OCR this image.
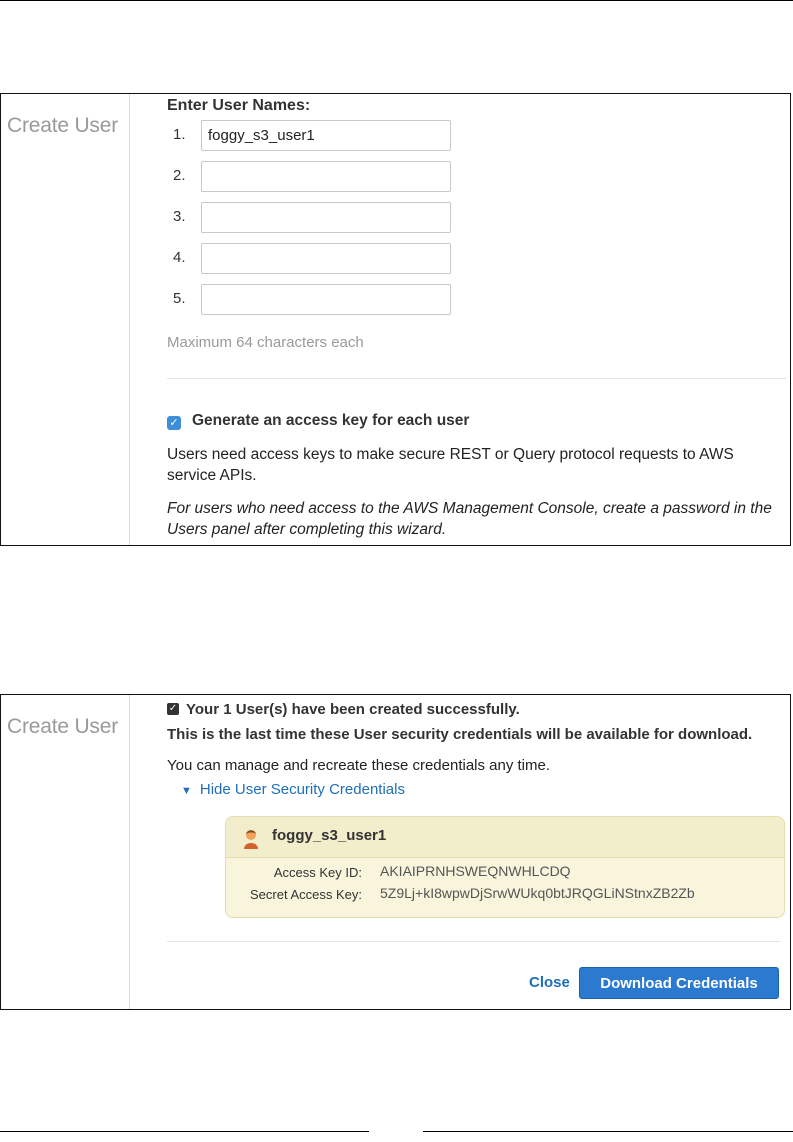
Create User
Enter User Names:
1.
foggy_s3_user1
2.
3.
4.
5.
Maximum 64 characters each
✓ Generate an access key for each user
Users need access keys to make secure REST or Query protocol requests to AWS service APIs.
For users who need access to the AWS Management Console, create a password in the Users panel after completing this wizard.
Create User
✓ Your 1 User(s) have been created successfully.
This is the last time these User security credentials will be available for download.
You can manage and recreate these credentials any time.
▼ Hide User Security Credentials
foggy_s3_user1
Access Key ID: AKIAIPRNHSWEQNWHLCDQ
Secret Access Key: 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
Close	Download Credentials
